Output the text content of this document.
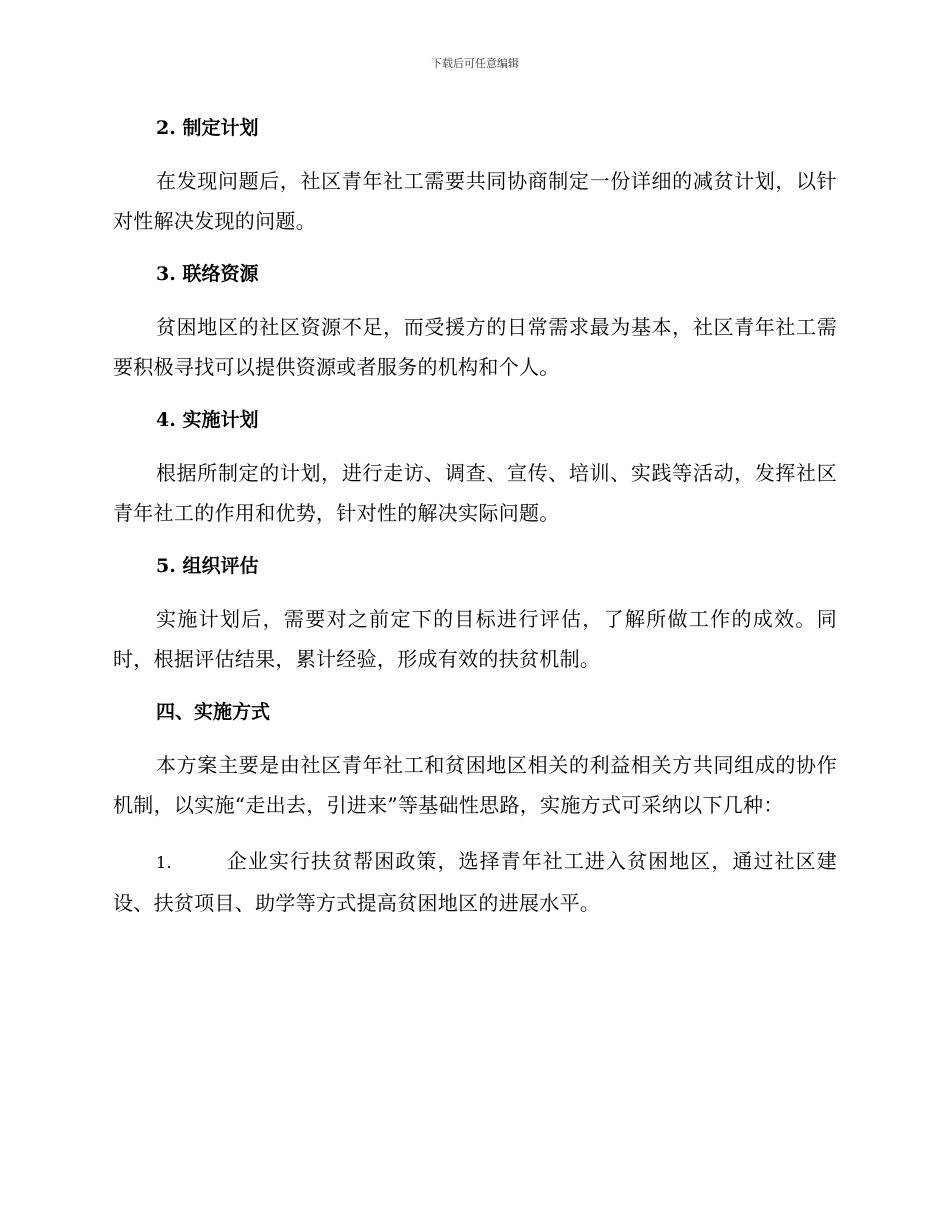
下载后可任意编辑
2. 制定计划

在发现问题后，社区青年社工需要共同协商制定一份详细的减贫计划，以针对性解决发现的问题。

3. 联络资源

贫困地区的社区资源不足，而受援方的日常需求最为基本，社区青年社工需要积极寻找可以提供资源或者服务的机构和个人。

4. 实施计划

根据所制定的计划，进行走访、调查、宣传、培训、实践等活动，发挥社区青年社工的作用和优势，针对性的解决实际问题。

5. 组织评估

实施计划后，需要对之前定下的目标进行评估，了解所做工作的成效。同时，根据评估结果，累计经验，形成有效的扶贫机制。

四、实施方式

本方案主要是由社区青年社工和贫困地区相关的利益相关方共同组成的协作机制，以实施“走出去，引进来”等基础性思路，实施方式可采纳以下几种：

1.	企业实行扶贫帮困政策，选择青年社工进入贫困地区，通过社区建设、扶贫项目、助学等方式提高贫困地区的进展水平。
